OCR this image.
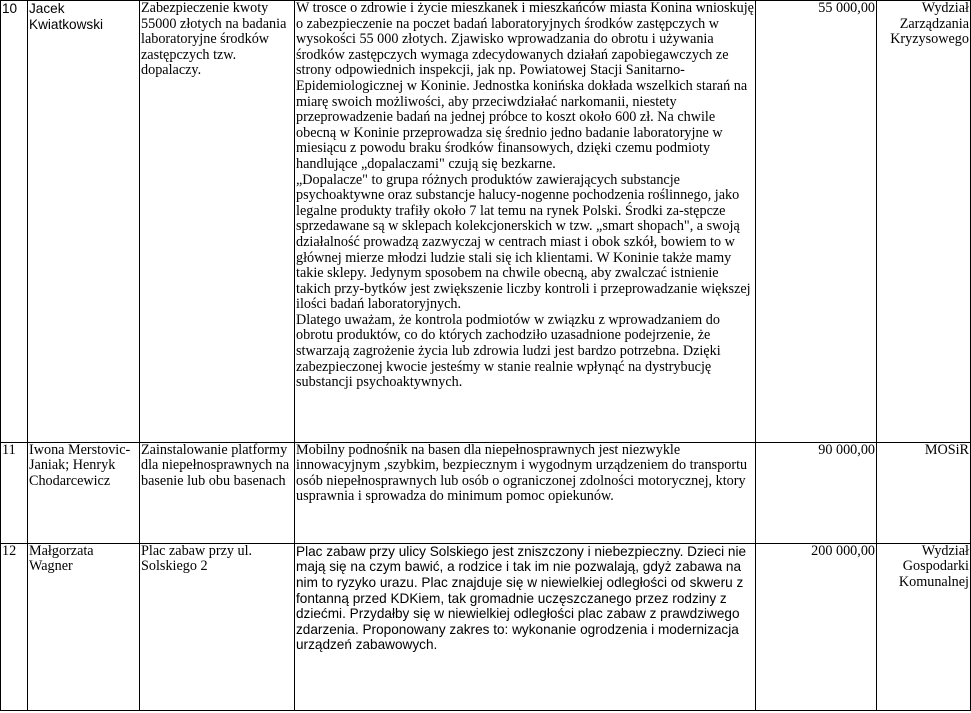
10	Jacek Kwiatkowski	Zabezpieczenie kwoty 55000 złotych na badania laboratoryjne środków zastępczych tzw. dopalaczy.	W trosce o zdrowie i życie mieszkanek i mieszkańców miasta Konina wnioskuję o zabezpieczenie na poczet badań laboratoryjnych środków zastępczych w wysokości 55 000 złotych. Zjawisko wprowadzania do obrotu i używania środków zastępczych wymaga zdecydowanych działań zapobiegawczych ze strony odpowiednich inspekcji, jak np. Powiatowej Stacji Sanitarno-Epidemiologicznej w Koninie. Jednostka konińska dokłada wszelkich starań na miarę swoich możliwości, aby przeciwdziałać narkomanii, niestety przeprowadzenie badań na jednej próbce to koszt około 600 zł. Na chwile obecną w Koninie przeprowadza się średnio jedno badanie laboratoryjne w miesiącu z powodu braku środków finansowych, dzięki czemu podmioty handlujące „dopalaczami" czują się bezkarne.
„Dopalacze" to grupa różnych produktów zawierających substancje psychoaktywne oraz substancje halucy-nogenne pochodzenia roślinnego, jako legalne produkty trafiły około 7 lat temu na rynek Polski. Środki za-stępcze sprzedawane są w sklepach kolekcjonerskich w tzw. „smart shopach", a swoją działalność prowadzą zazwyczaj w centrach miast i obok szkół, bowiem to w głównej mierze młodzi ludzie stali się ich klientami. W Koninie także mamy takie sklepy. Jedynym sposobem na chwile obecną, aby zwalczać istnienie takich przy-bytków jest zwiększenie liczby kontroli i przeprowadzanie większej ilości badań laboratoryjnych.
Dlatego uważam, że kontrola podmiotów w związku z wprowadzaniem do obrotu produktów, co do których zachodziło uzasadnione podejrzenie, że stwarzają zagrożenie życia lub zdrowia ludzi jest bardzo potrzebna. Dzięki zabezpieczonej kwocie jesteśmy w stanie realnie wpłynąć na dystrybucję substancji psychoaktywnych.	55 000,00	Wydział Zarządzania Kryzysowego
11	Iwona Merstovic-Janiak; Henryk Chodarcewicz	Zainstalowanie platformy dla niepełnosprawnych na basenie lub obu basenach	Mobilny podnośnik na basen dla niepełnosprawnych jest niezwykle innowacyjnym ,szybkim, bezpiecznym i wygodnym urządzeniem do transportu osób niepełnosprawnych lub osób o ograniczonej zdolności motorycznej, ktory usprawnia i sprowadza do minimum pomoc opiekunów.	90 000,00	MOSiR
12	Małgorzata Wagner	Plac zabaw przy ul. Solskiego 2	Plac zabaw przy ulicy Solskiego jest zniszczony i niebezpieczny. Dzieci nie mają się na czym bawić, a rodzice i tak im nie pozwalają, gdyż zabawa na nim to ryzyko urazu. Plac znajduje się w niewielkiej odległości od skweru z fontanną przed KDKiem, tak gromadnie uczęszczanego przez rodziny z dziećmi. Przydałby się w niewielkiej odległości plac zabaw z prawdziwego zdarzenia. Proponowany zakres to: wykonanie ogrodzenia i modernizacja urządzeń zabawowych.	200 000,00	Wydział Gospodarki Komunalnej
